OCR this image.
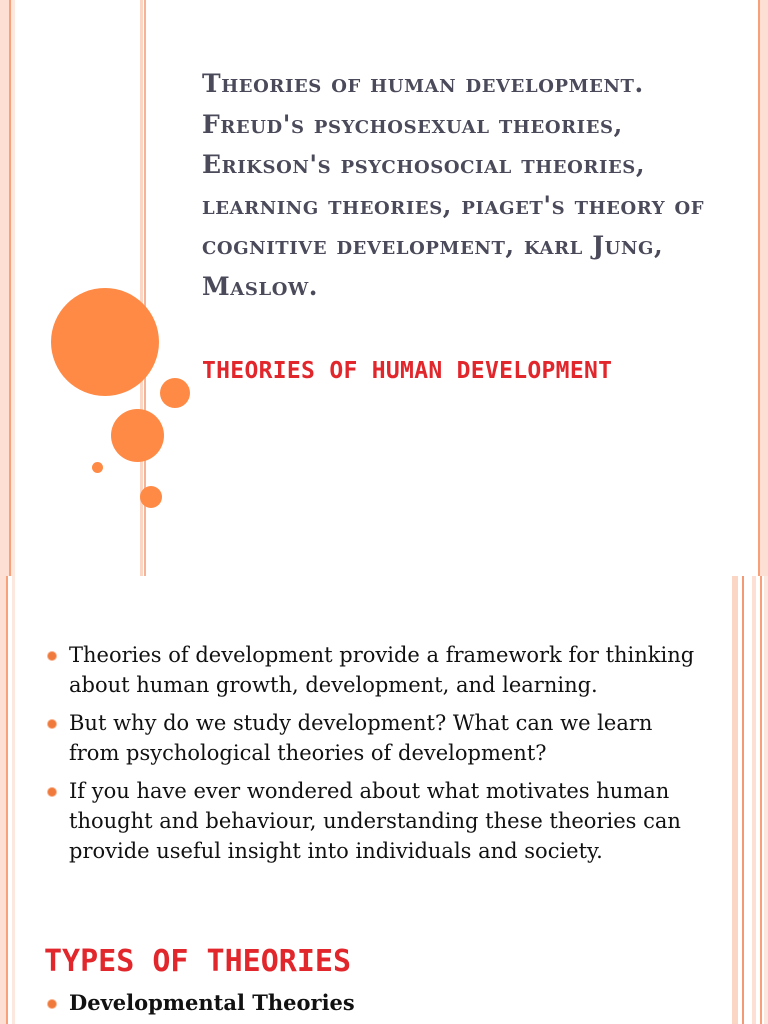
Theories of human development. Freud's psychosexual theories, Erikson's psychosocial theories, learning theories, piaget's theory of cognitive development, karl Jung, Maslow.
THEORIES OF HUMAN DEVELOPMENT
Theories of development provide a framework for thinking about human growth, development, and learning.
But why do we study development? What can we learn from psychological theories of development?
If you have ever wondered about what motivates human thought and behaviour, understanding these theories can provide useful insight into individuals and society.
TYPES OF THEORIES
Developmental Theories
